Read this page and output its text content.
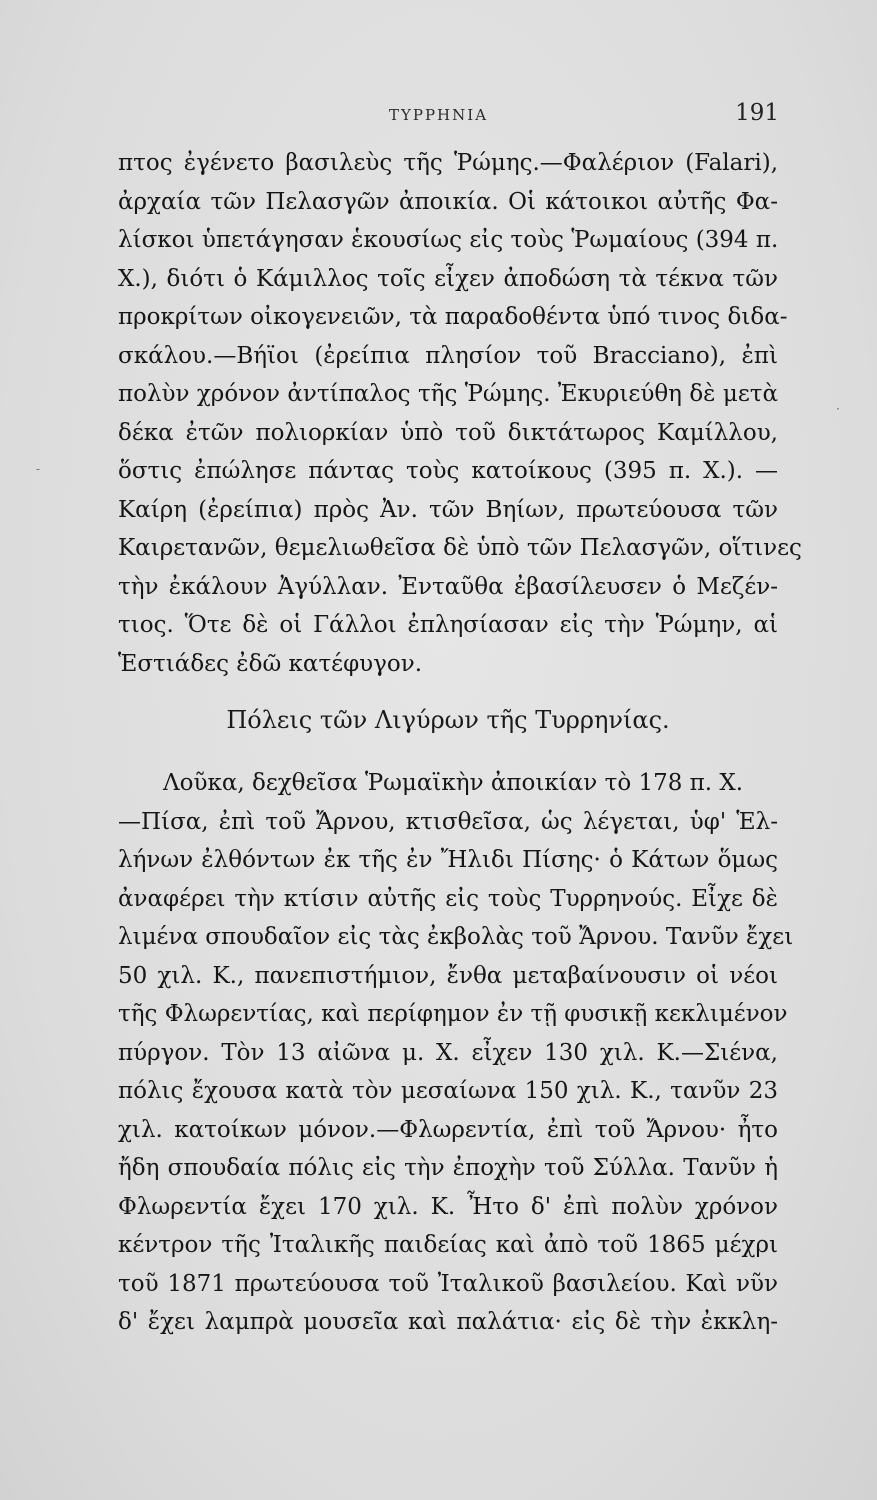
ΤΥΡΡΗΝΙΑ	191
πτος ἐγένετο βασιλεὺς τῆς Ῥώμης.—Φαλέριον (Falari),
ἀρχαία τῶν Πελασγῶν ἀποικία. Οἱ κάτοικοι αὐτῆς Φα-
λίσκοι ὑπετάγησαν ἑκουσίως εἰς τοὺς Ῥωμαίους (394 π.
Χ.), διότι ὁ Κάμιλλος τοῖς εἶχεν ἀποδώση τὰ τέκνα τῶν
προκρίτων οἰκογενειῶν, τὰ παραδοθέντα ὑπό τινος διδα-
σκάλου.—Βήϊοι (ἐρείπια πλησίον τοῦ Bracciano), ἐπὶ
πολὺν χρόνον ἀντίπαλος τῆς Ῥώμης. Ἐκυριεύθη δὲ μετὰ
δέκα ἐτῶν πολιορκίαν ὑπὸ τοῦ δικτάτωρος Καμίλλου,
ὅστις ἐπώλησε πάντας τοὺς κατοίκους (395 π. Χ.). —
Καίρη (ἐρείπια) πρὸς Ἀν. τῶν Βηίων, πρωτεύουσα τῶν
Καιρετανῶν, θεμελιωθεῖσα δὲ ὑπὸ τῶν Πελασγῶν, οἵτινες
τὴν ἐκάλουν Ἀγύλλαν. Ἐνταῦθα ἐβασίλευσεν ὁ Μεζέν-
τιος. Ὅτε δὲ οἱ Γάλλοι ἐπλησίασαν εἰς τὴν Ῥώμην, αἱ
Ἑστιάδες ἐδῶ κατέφυγον.
Πόλεις τῶν Λιγύρων τῆς Τυρρηνίας.
Λοῦκα, δεχθεῖσα Ῥωμαϊκὴν ἀποικίαν τὸ 178 π. Χ.
—Πίσα, ἐπὶ τοῦ Ἄρνου, κτισθεῖσα, ὡς λέγεται, ὑφ' Ἑλ-
λήνων ἐλθόντων ἐκ τῆς ἐν Ἤλιδι Πίσης· ὁ Κάτων ὅμως
ἀναφέρει τὴν κτίσιν αὐτῆς εἰς τοὺς Τυρρηνούς. Εἶχε δὲ
λιμένα σπουδαῖον εἰς τὰς ἐκβολὰς τοῦ Ἄρνου. Τανῦν ἔχει
50 χιλ. Κ., πανεπιστήμιον, ἔνθα μεταβαίνουσιν οἱ νέοι
τῆς Φλωρεντίας, καὶ περίφημον ἐν τῇ φυσικῇ κεκλιμένον
πύργον. Τὸν 13 αἰῶνα μ. Χ. εἶχεν 130 χιλ. Κ.—Σιένα,
πόλις ἔχουσα κατὰ τὸν μεσαίωνα 150 χιλ. Κ., τανῦν 23
χιλ. κατοίκων μόνον.—Φλωρεντία, ἐπὶ τοῦ Ἄρνου· ἦτο
ἤδη σπουδαία πόλις εἰς τὴν ἐποχὴν τοῦ Σύλλα. Τανῦν ἡ
Φλωρεντία ἔχει 170 χιλ. Κ. Ἦτο δ' ἐπὶ πολὺν χρόνον
κέντρον τῆς Ἰταλικῆς παιδείας καὶ ἀπὸ τοῦ 1865 μέχρι
τοῦ 1871 πρωτεύουσα τοῦ Ἰταλικοῦ βασιλείου. Καὶ νῦν
δ' ἔχει λαμπρὰ μουσεῖα καὶ παλάτια· εἰς δὲ τὴν ἐκκλη-
-
·
